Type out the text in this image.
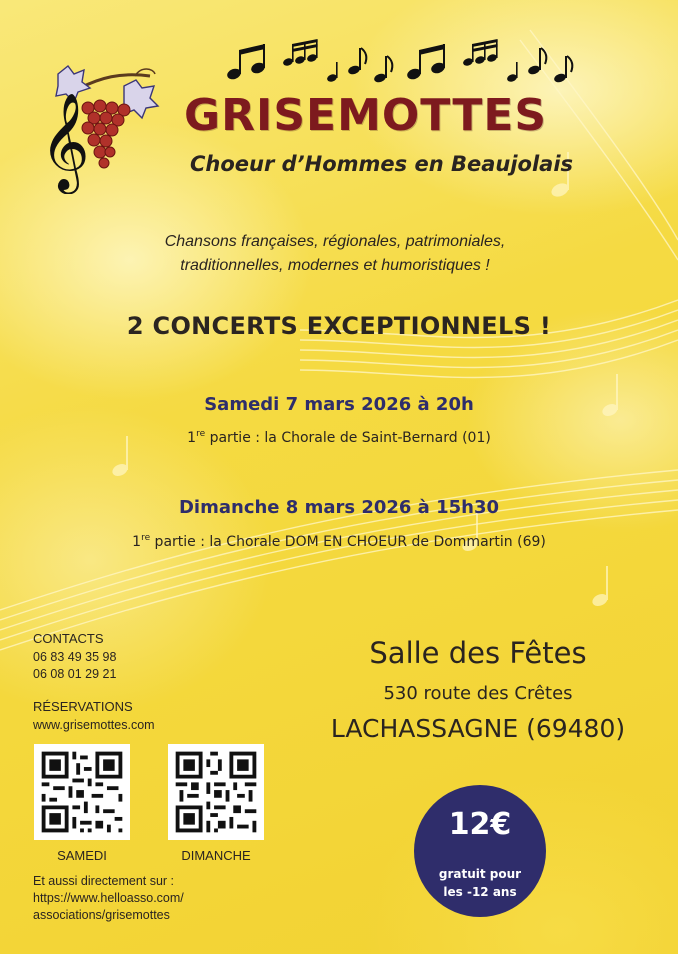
𝄞 GRISEMOTTES
Choeur d’Hommes en Beaujolais
Chansons françaises, régionales, patrimoniales,
traditionnelles, modernes et humoristiques !
2 CONCERTS EXCEPTIONNELS !
Samedi 7 mars 2026 à 20h
1re partie : la Chorale de Saint-Bernard (01)
Dimanche 8 mars 2026 à 15h30
1re partie : la Chorale DOM EN CHOEUR de Dommartin (69)
CONTACTS
06 83 49 35 98
06 08 01 29 21
RÉSERVATIONS
www.grisemottes.com
SAMEDI	DIMANCHE
Et aussi directement sur :
https://www.helloasso.com/
associations/grisemottes
Salle des Fêtes
530 route des Crêtes
LACHASSAGNE (69480)
12€
gratuit pour
les -12 ans
